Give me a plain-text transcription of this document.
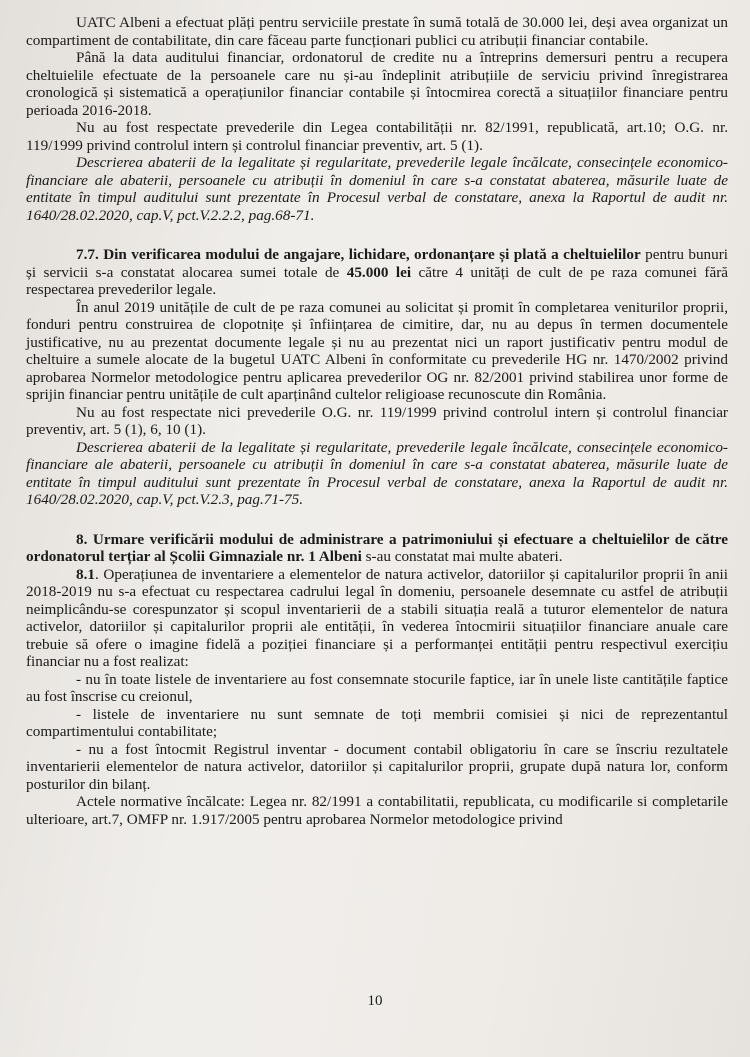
UATC Albeni a efectuat plăți pentru serviciile prestate în sumă totală de 30.000 lei, deși avea organizat un compartiment de contabilitate, din care făceau parte funcționari publici cu atribuții financiar contabile.

Până la data auditului financiar, ordonatorul de credite nu a întreprins demersuri pentru a recupera cheltuielile efectuate de la persoanele care nu și-au îndeplinit atribuțiile de serviciu privind înregistrarea cronologică și sistematică a operațiunilor financiar contabile și întocmirea corectă a situațiilor financiare pentru perioada 2016-2018.

Nu au fost respectate prevederile din Legea contabilității nr. 82/1991, republicată, art.10; O.G. nr. 119/1999 privind controlul intern și controlul financiar preventiv, art. 5 (1).

Descrierea abaterii de la legalitate și regularitate, prevederile legale încălcate, consecințele economico-financiare ale abaterii, persoanele cu atribuții în domeniul în care s-a constatat abaterea, măsurile luate de entitate în timpul auditului sunt prezentate în Procesul verbal de constatare, anexa la Raportul de audit nr. 1640/28.02.2020, cap.V, pct.V.2.2.2, pag.68-71.

7.7. Din verificarea modului de angajare, lichidare, ordonanțare și plată a cheltuielilor pentru bunuri și servicii s-a constatat alocarea sumei totale de 45.000 lei către 4 unități de cult de pe raza comunei fără respectarea prevederilor legale.

În anul 2019 unitățile de cult de pe raza comunei au solicitat și promit în completarea veniturilor proprii, fonduri pentru construirea de clopotnițe și înființarea de cimitire, dar, nu au depus în termen documentele justificative, nu au prezentat documente legale și nu au prezentat nici un raport justificativ pentru modul de cheltuire a sumele alocate de la bugetul UATC Albeni în conformitate cu prevederile HG nr. 1470/2002 privind aprobarea Normelor metodologice pentru aplicarea prevederilor OG nr. 82/2001 privind stabilirea unor forme de sprijin financiar pentru unitățile de cult aparținând cultelor religioase recunoscute din România.

Nu au fost respectate nici prevederile O.G. nr. 119/1999 privind controlul intern și controlul financiar preventiv, art. 5 (1), 6, 10 (1).

Descrierea abaterii de la legalitate și regularitate, prevederile legale încălcate, consecințele economico-financiare ale abaterii, persoanele cu atribuții în domeniul în care s-a constatat abaterea, măsurile luate de entitate în timpul auditului sunt prezentate în Procesul verbal de constatare, anexa la Raportul de audit nr. 1640/28.02.2020, cap.V, pct.V.2.3, pag.71-75.

8. Urmare verificării modului de administrare a patrimoniului și efectuare a cheltuielilor de către ordonatorul terțiar al Școlii Gimnaziale nr. 1 Albeni s-au constatat mai multe abateri.

8.1. Operațiunea de inventariere a elementelor de natura activelor, datoriilor și capitalurilor proprii în anii 2018-2019 nu s-a efectuat cu respectarea cadrului legal în domeniu, persoanele desemnate cu astfel de atribuții neimplicându-se corespunzator și scopul inventarierii de a stabili situația reală a tuturor elementelor de natura activelor, datoriilor și capitalurilor proprii ale entității, în vederea întocmirii situațiilor financiare anuale care trebuie să ofere o imagine fidelă a poziției financiare și a performanței entității pentru respectivul exercițiu financiar nu a fost realizat:

- nu în toate listele de inventariere au fost consemnate stocurile faptice, iar în unele liste cantitățile faptice au fost înscrise cu creionul,

- listele de inventariere nu sunt semnate de toți membrii comisiei și nici de reprezentantul compartimentului contabilitate;

- nu a fost întocmit Registrul inventar - document contabil obligatoriu în care se înscriu rezultatele inventarierii elementelor de natura activelor, datoriilor și capitalurilor proprii, grupate după natura lor, conform posturilor din bilanț.

Actele normative încălcate: Legea nr. 82/1991 a contabilitatii, republicata, cu modificarile si completarile ulterioare, art.7, OMFP nr. 1.917/2005 pentru aprobarea Normelor metodologice privind

10
